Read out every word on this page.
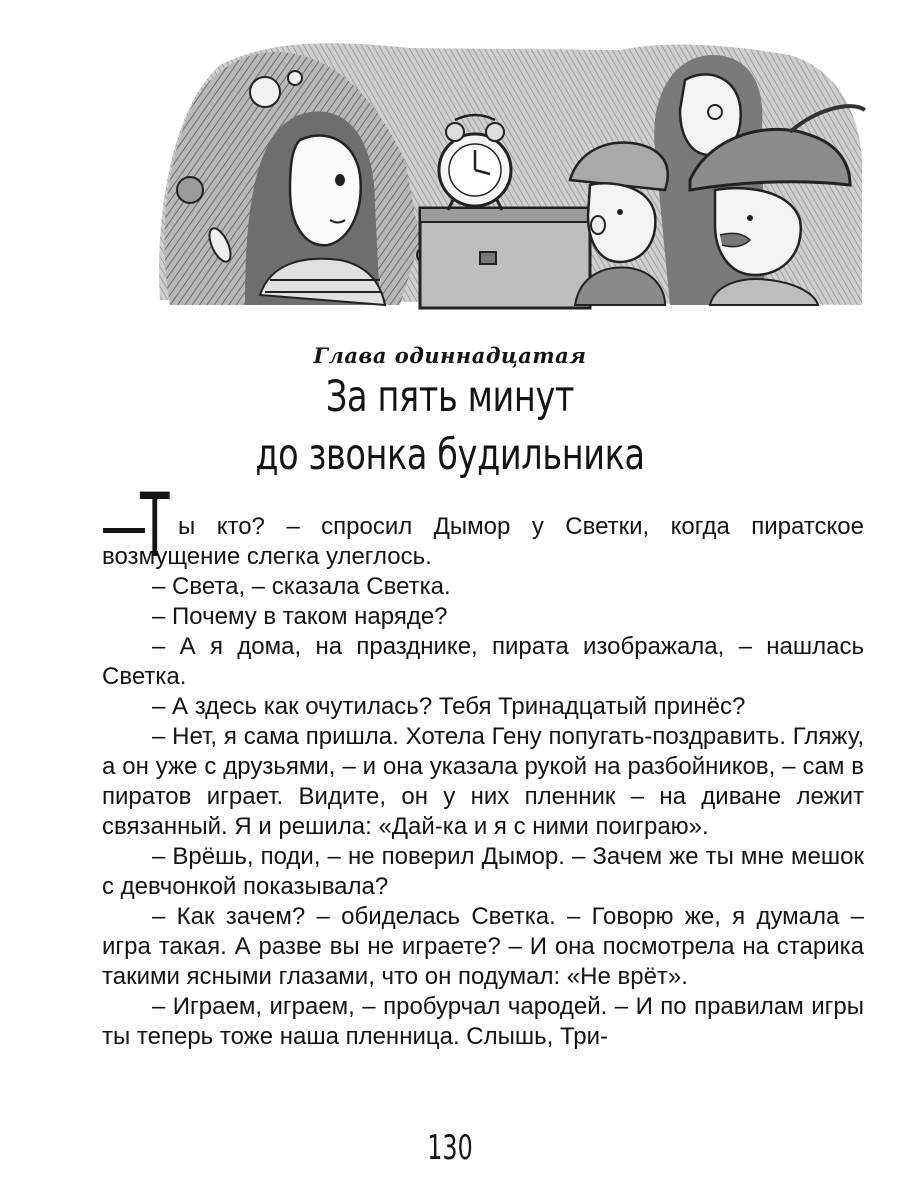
Глава одиннадцатая
За пять минут
до звонка будильника
Т ы кто? – спросил Дымор у Светки, когда пиратское возмущение слегка улеглось.

– Света, – сказала Светка.

– Почему в таком наряде?

– А я дома, на празднике, пирата изображала, – нашлась Светка.

– А здесь как очутилась? Тебя Тринадцатый принёс?

– Нет, я сама пришла. Хотела Гену попугать-поздравить. Гляжу, а он уже с друзьями, – и она указала рукой на разбойников, – сам в пиратов играет. Видите, он у них пленник – на диване лежит связанный. Я и решила: «Дай-ка и я с ними поиграю».

– Врёшь, поди, – не поверил Дымор. – Зачем же ты мне мешок с девчонкой показывала?

– Как зачем? – обиделась Светка. – Говорю же, я думала – игра такая. А разве вы не играете? – И она посмотрела на старика такими ясными глазами, что он подумал: «Не врёт».

– Играем, играем, – пробурчал чародей. – И по правилам игры ты теперь тоже наша пленница. Слышь, Три-

130
